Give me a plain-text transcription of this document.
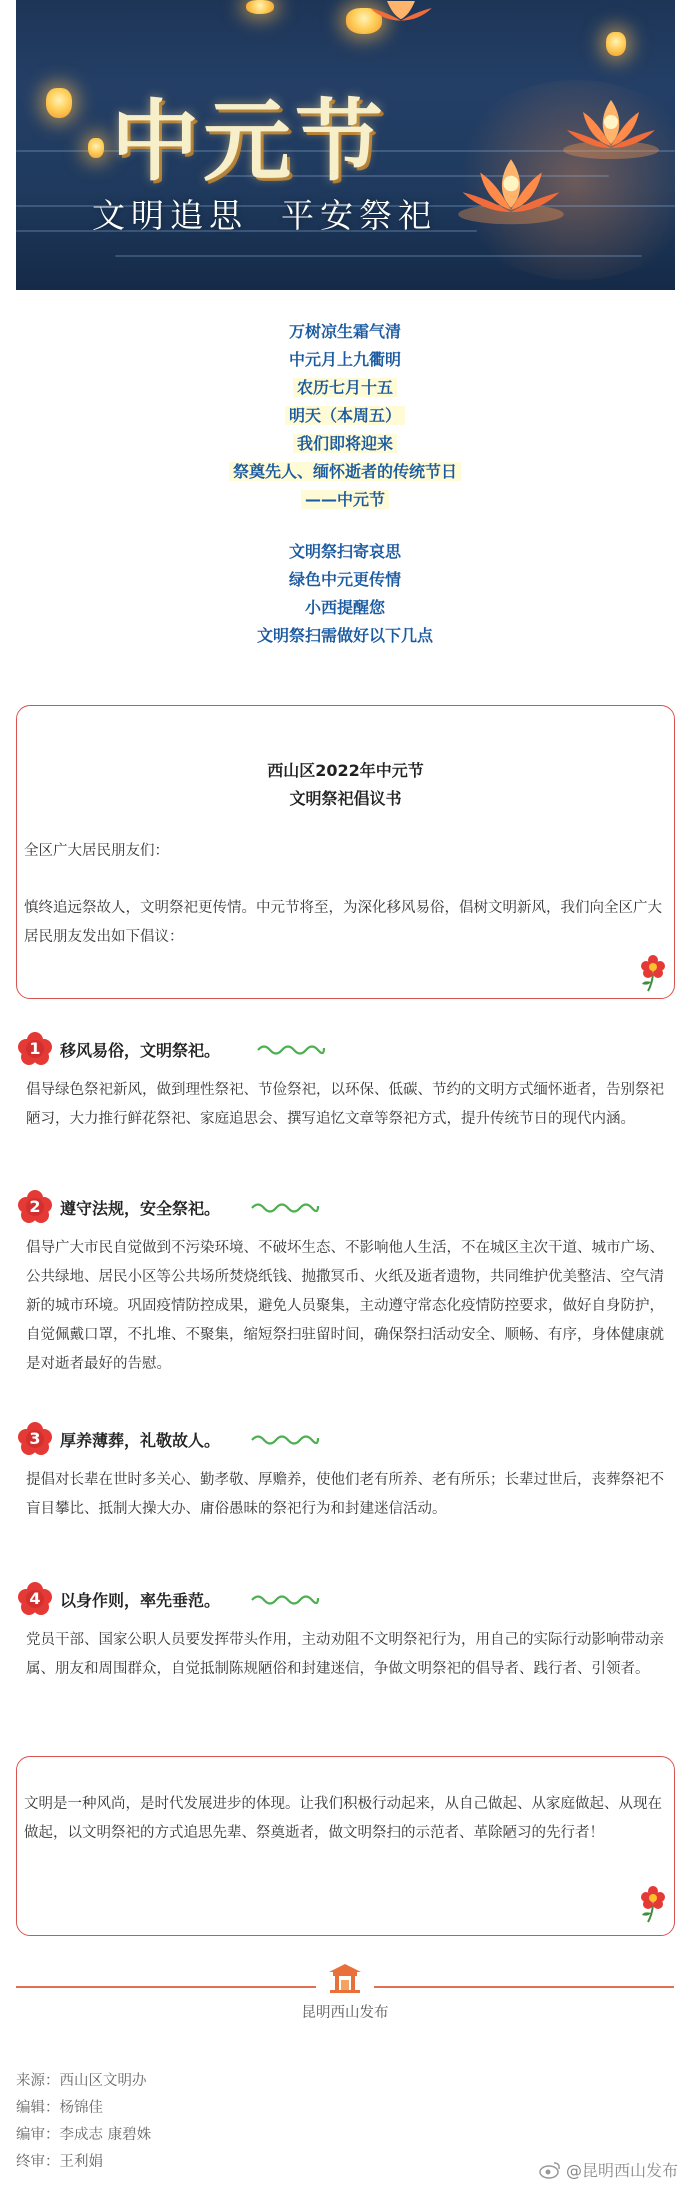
中元节
文明追思  平安祭祀
万树凉生霜气清
中元月上九衢明
农历七月十五
明天（本周五）
我们即将迎来
祭奠先人、缅怀逝者的传统节日
——中元节
文明祭扫寄哀思
绿色中元更传情
小西提醒您
文明祭扫需做好以下几点
西山区2022年中元节
文明祭祀倡议书
全区广大居民朋友们：
慎终追远祭故人，文明祭祀更传情。中元节将至，为深化移风易俗，倡树文明新风，我们向全区广大居民朋友发出如下倡议：
1	移风易俗，文明祭祀。
倡导绿色祭祀新风，做到理性祭祀、节俭祭祀，以环保、低碳、节约的文明方式缅怀逝者，告别祭祀陋习，大力推行鲜花祭祀、家庭追思会、撰写追忆文章等祭祀方式，提升传统节日的现代内涵。
2	遵守法规，安全祭祀。
倡导广大市民自觉做到不污染环境、不破坏生态、不影响他人生活，不在城区主次干道、城市广场、公共绿地、居民小区等公共场所焚烧纸钱、抛撒冥币、火纸及逝者遗物，共同维护优美整洁、空气清新的城市环境。巩固疫情防控成果，避免人员聚集，主动遵守常态化疫情防控要求，做好自身防护，自觉佩戴口罩，不扎堆、不聚集，缩短祭扫驻留时间，确保祭扫活动安全、顺畅、有序，身体健康就是对逝者最好的告慰。
3	厚养薄葬，礼敬故人。
提倡对长辈在世时多关心、勤孝敬、厚赡养，使他们老有所养、老有所乐；长辈过世后，丧葬祭祀不盲目攀比、抵制大操大办、庸俗愚昧的祭祀行为和封建迷信活动。
4	以身作则，率先垂范。
党员干部、国家公职人员要发挥带头作用，主动劝阻不文明祭祀行为，用自己的实际行动影响带动亲属、朋友和周围群众，自觉抵制陈规陋俗和封建迷信，争做文明祭祀的倡导者、践行者、引领者。
文明是一种风尚，是时代发展进步的体现。让我们积极行动起来，从自己做起、从家庭做起、从现在做起，以文明祭祀的方式追思先辈、祭奠逝者，做文明祭扫的示范者、革除陋习的先行者！
昆明西山发布
来源：西山区文明办
编辑：杨锦佳
编审：李成志 康碧姝
终审：王利娟	@昆明西山发布
